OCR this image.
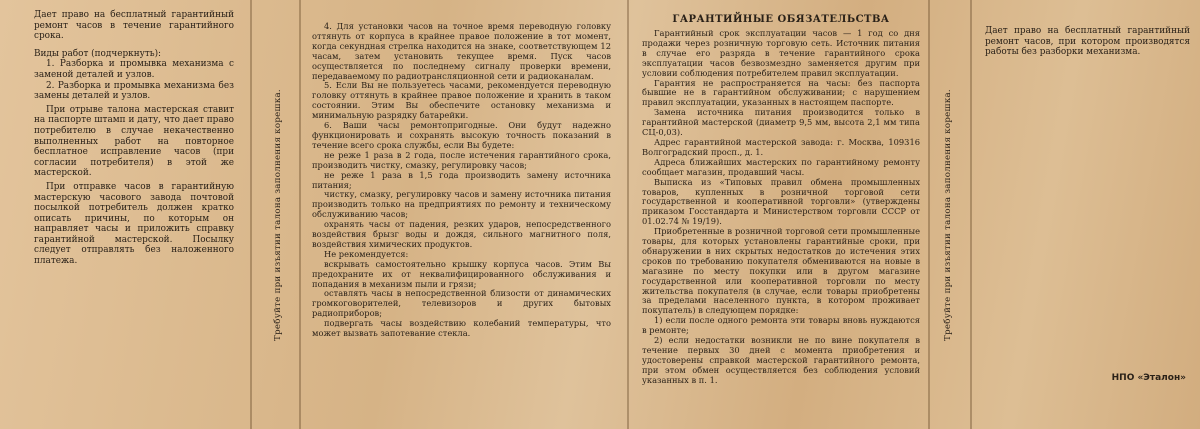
Дает право на бесплатный гарантийный ремонт часов в течение гарантийного срока.

Виды работ (подчеркнуть):

1. Разборка и промывка механизма с заменой деталей и узлов.

2. Разборка и промывка механизма без замены деталей и узлов.

При отрыве талона мастерская ставит на паспорте штамп и дату, что дает право потребителю в случае некачественно выполненных работ на повторное бесплатное исправление часов (при согласии потребителя) в этой же мастерской.

При отправке часов в гарантийную мастерскую часового завода почтовой посылкой потребитель должен кратко описать причины, по которым он направляет часы и приложить справку гарантийной мастерской. Посылку следует отправлять без наложенного платежа.	Требуйте при изъятии талона заполнения корешка.

4. Для установки часов на точное время переводную головку оттянуть от корпуса в крайнее правое положение в тот момент, когда секундная стрелка находится на знаке, соответствующем 12 часам, затем установить текущее время. Пуск часов осуществляется по последнему сигналу проверки времени, передаваемому по радиотрансляционной сети и радиоканалам.

5. Если Вы не пользуетесь часами, рекомендуется переводную головку оттянуть в крайнее правое положение и хранить в таком состоянии. Этим Вы обеспечите остановку механизма и минимальную разрядку батарейки.

6. Ваши часы ремонтопригодные. Они будут надежно функционировать и сохранять высокую точность показаний в течение всего срока службы, если Вы будете:

не реже 1 раза в 2 года, после истечения гарантийного срока, производить чистку, смазку, регулировку часов;

не реже 1 раза в 1,5 года производить замену источника питания;

чистку, смазку, регулировку часов и замену источника питания производить только на предприятиях по ремонту и техническому обслуживанию часов;

охранять часы от падения, резких ударов, непосредственного воздействия брызг воды и дождя, сильного магнитного поля, воздействия химических продуктов.

Не рекомендуется:

вскрывать самостоятельно крышку корпуса часов. Этим Вы предохраните их от неквалифицированного обслуживания и попадания в механизм пыли и грязи;

оставлять часы в непосредственной близости от динамических громкоговорителей, телевизоров и других бытовых радиоприборов;

подвергать часы воздействию колебаний температуры, что может вызвать запотевание стекла.

ГАРАНТИЙНЫЕ ОБЯЗАТЕЛЬСТВА

Гарантийный срок эксплуатации часов — 1 год со дня продажи через розничную торговую сеть. Источник питания в случае его разряда в течение гарантийного срока эксплуатации часов безвозмездно заменяется другим при условии соблюдения потребителем правил эксплуатации.

Гарантия не распространяется на часы: без паспорта бывшие не в гарантийном обслуживании; с нарушением правил эксплуатации, указанных в настоящем паспорте.

Замена источника питания производится только в гарантийной мастерской (диаметр 9,5 мм, высота 2,1 мм типа СЦ-0,03).

Адрес гарантийной мастерской завода: г. Москва, 109316 Волгоградский просп., д. 1.

Адреса ближайших мастерских по гарантийному ремонту сообщает магазин, продавший часы.

Выписка из «Типовых правил обмена промышленных товаров, купленных в розничной торговой сети государственной и кооперативной торговли» (утверждены приказом Госстандарта и Министерством торговли СССР от 01.02.74 № 19/19).

Приобретенные в розничной торговой сети промышленные товары, для которых установлены гарантийные сроки, при обнаружении в них скрытых недостатков до истечения этих сроков по требованию покупателя обмениваются на новые в магазине по месту покупки или в другом магазине государственной или кооперативной торговли по месту жительства покупателя (в случае, если товары приобретены за пределами населенного пункта, в котором проживает покупатель) в следующем порядке:

1) если после одного ремонта эти товары вновь нуждаются в ремонте;

2) если недостатки возникли не по вине покупателя в течение первых 30 дней с момента приобретения и удостоверены справкой мастерской гарантийного ремонта, при этом обмен осуществляется без соблюдения условий указанных в п. 1.

Требуйте при изъятии талона заполнения корешка.

Дает право на бесплатный гарантийный ремонт часов, при котором производятся работы без разборки механизма.

НПО «Эталон»
